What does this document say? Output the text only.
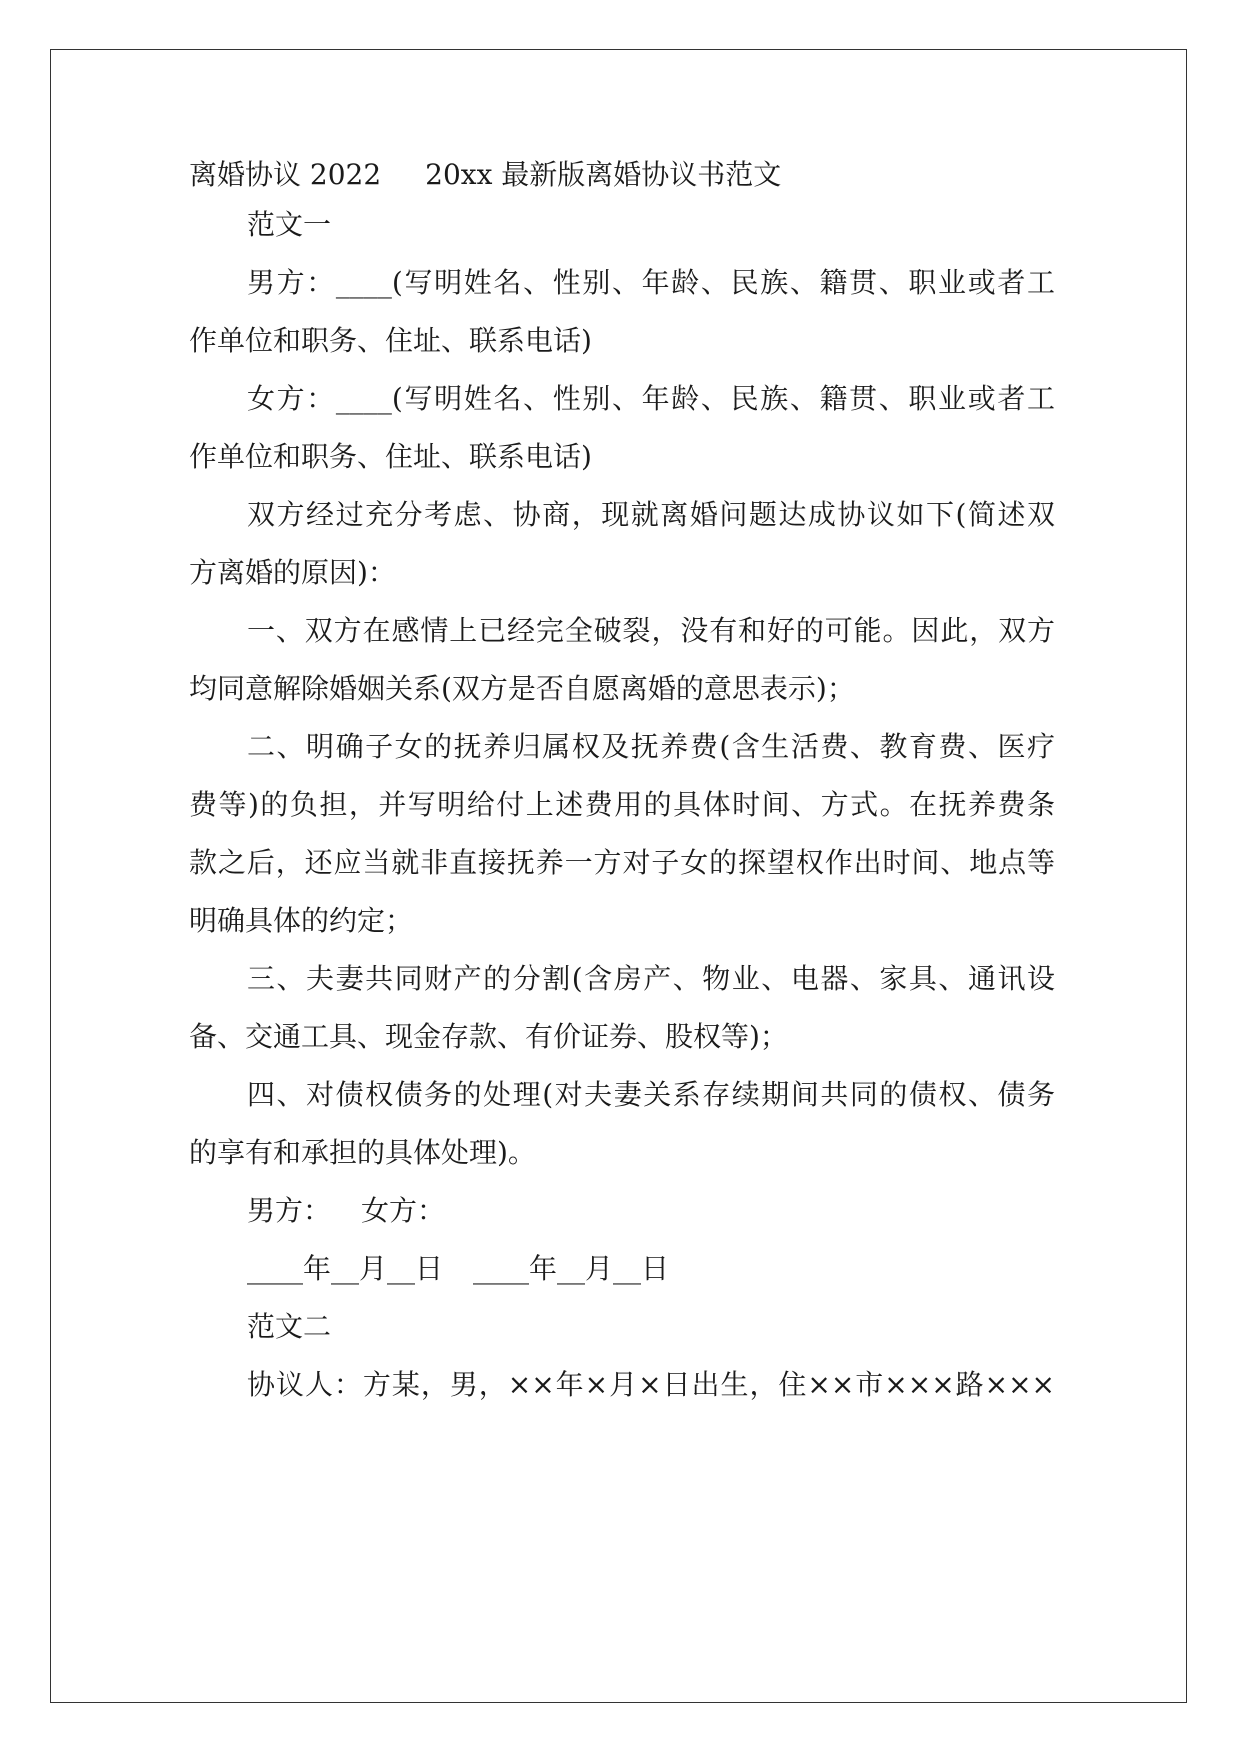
离婚协议 2022 20xx 最新版离婚协议书范文
范文一
男方：____(写明姓名、性别、年龄、民族、籍贯、职业或者工
作单位和职务、住址、联系电话)
女方：____(写明姓名、性别、年龄、民族、籍贯、职业或者工
作单位和职务、住址、联系电话)
双方经过充分考虑、协商，现就离婚问题达成协议如下(简述双
方离婚的原因)：
一、双方在感情上已经完全破裂，没有和好的可能。因此，双方
均同意解除婚姻关系(双方是否自愿离婚的意思表示)；
二、明确子女的抚养归属权及抚养费(含生活费、教育费、医疗
费等)的负担，并写明给付上述费用的具体时间、方式。在抚养费条
款之后，还应当就非直接抚养一方对子女的探望权作出时间、地点等
明确具体的约定；
三、夫妻共同财产的分割(含房产、物业、电器、家具、通讯设
备、交通工具、现金存款、有价证券、股权等)；
四、对债权债务的处理(对夫妻关系存续期间共同的债权、债务
的享有和承担的具体处理)。
男方： 女方：
____年__月__日 ____年__月__日
范文二
协议人：方某，男，××年×月×日出生，住××市×××路×××
